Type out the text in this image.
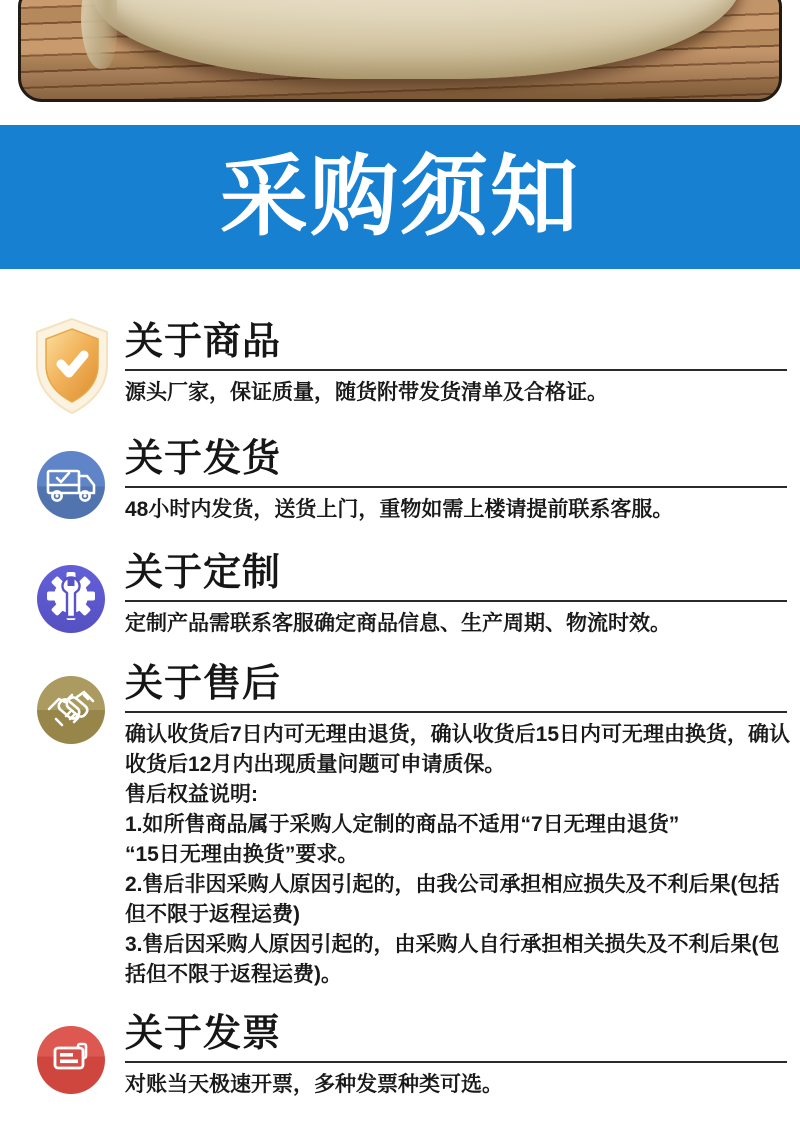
采购须知
关于商品
源头厂家，保证质量，随货附带发货清单及合格证。
关于发货
48小时内发货，送货上门，重物如需上楼请提前联系客服。
关于定制
定制产品需联系客服确定商品信息、生产周期、物流时效。
关于售后
确认收货后7日内可无理由退货，确认收货后15日内可无理由换货，确认
收货后12月内出现质量问题可申请质保。
售后权益说明:
1.如所售商品属于采购人定制的商品不适用“7日无理由退货”
“15日无理由换货”要求。
2.售后非因采购人原因引起的，由我公司承担相应损失及不利后果(包括
但不限于返程运费)
3.售后因采购人原因引起的，由采购人自行承担相关损失及不利后果(包
括但不限于返程运费)。
关于发票
对账当天极速开票，多种发票种类可选。
